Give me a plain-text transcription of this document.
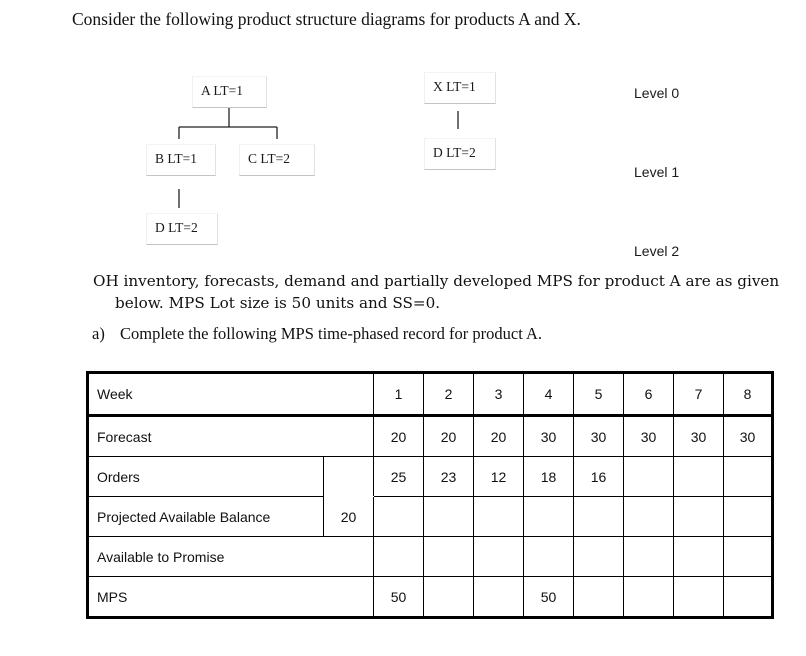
Consider the following product structure diagrams for products A and X.
A LT=1
B LT=1	C LT=2
D LT=2
X LT=1
D LT=2
Level 0
Level 1
Level 2
OH inventory, forecasts, demand and partially developed MPS for product A are as given
below. MPS Lot size is 50 units and SS=0.
a) Complete the following MPS time-phased record for product A.
Week		1	2	3	4	5	6	7	8
Forecast		20	20	20	30	30	30	30	30
Orders		25	23	12	18	16			
Projected Available Balance	20								
Available to Promise									
MPS		50			50				
